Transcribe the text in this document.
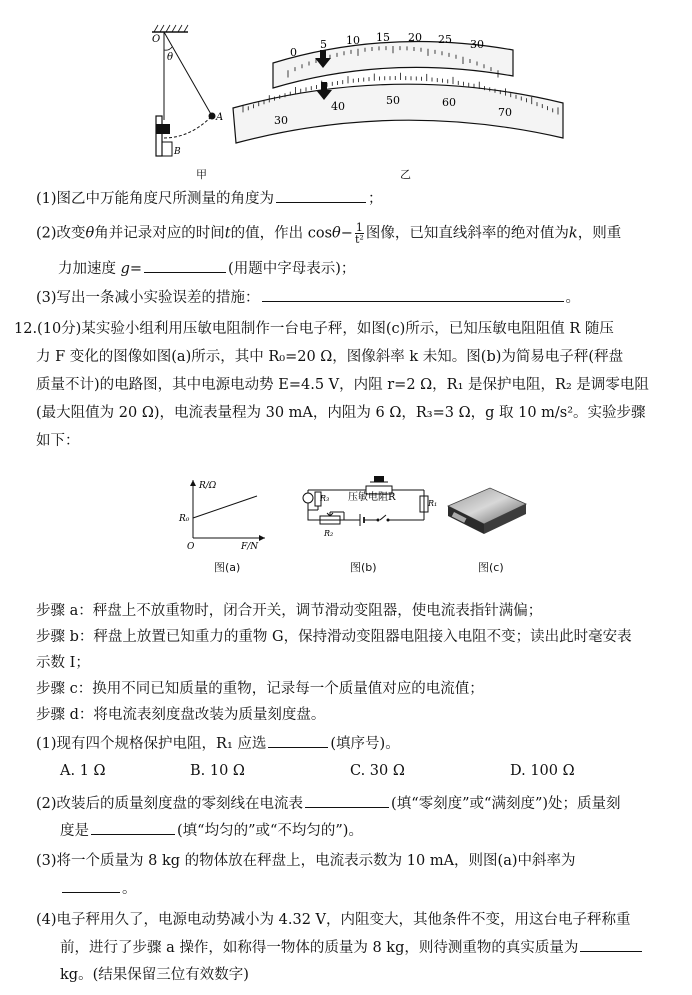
O
θ
A
B
甲
0
5 10 15 20 25 30
30
40	50	60
70
乙
(1)图乙中万能角度尺所测量的角度为	；
(2)改变θ角并记录对应的时间t的值，作出 $\cos\theta- \frac{1}{\text{t²}}$ 图像，已知直线斜率的绝对值为k，则重
力加速度 g=	(用题中字母表示)；
(3)写出一条减小实验误差的措施：	。
12.(10分)某实验小组利用压敏电阻制作一台电子秤，如图(c)所示，已知压敏电阻阻值 R 随压
力 F 变化的图像如图(a)所示，其中 R₀=20 Ω，图像斜率 k 未知。图(b)为简易电子秤(秤盘
质量不计)的电路图，其中电源电动势 E=4.5 V，内阻 r=2 Ω，R₁ 是保护电阻，R₂ 是调零电阻
(最大阻值为 20 Ω)，电流表量程为 30 mA，内阻为 6 Ω，R₃=3 Ω，g 取 10 m/s²。实验步骤
如下：
R/Ω
F/N
O
R₀
图(a)
R₃ 压敏电阻R
R₁
R₂
图(b)	图(c)
步骤 a：秤盘上不放重物时，闭合开关，调节滑动变阻器，使电流表指针满偏；
步骤 b：秤盘上放置已知重力的重物 G，保持滑动变阻器电阻接入电阻不变；读出此时毫安表
示数 I；
步骤 c：换用不同已知质量的重物，记录每一个质量值对应的电流值；
步骤 d：将电流表刻度盘改装为质量刻度盘。
(1)现有四个规格保护电阻，R₁ 应选	(填序号)。
A. 1 Ω	B. 10 Ω	C. 30 Ω	D. 100 Ω
(2)改装后的质量刻度盘的零刻线在电流表	(填“零刻度”或“满刻度”)处；质量刻
度是	(填“均匀的”或“不均匀的”)。
(3)将一个质量为 8 kg 的物体放在秤盘上，电流表示数为 10 mA，则图(a)中斜率为
。
(4)电子秤用久了，电源电动势减小为 4.32 V，内阻变大，其他条件不变，用这台电子秤称重
前，进行了步骤 a 操作，如称得一物体的质量为 8 kg，则待测重物的真实质量为
kg。(结果保留三位有效数字)
